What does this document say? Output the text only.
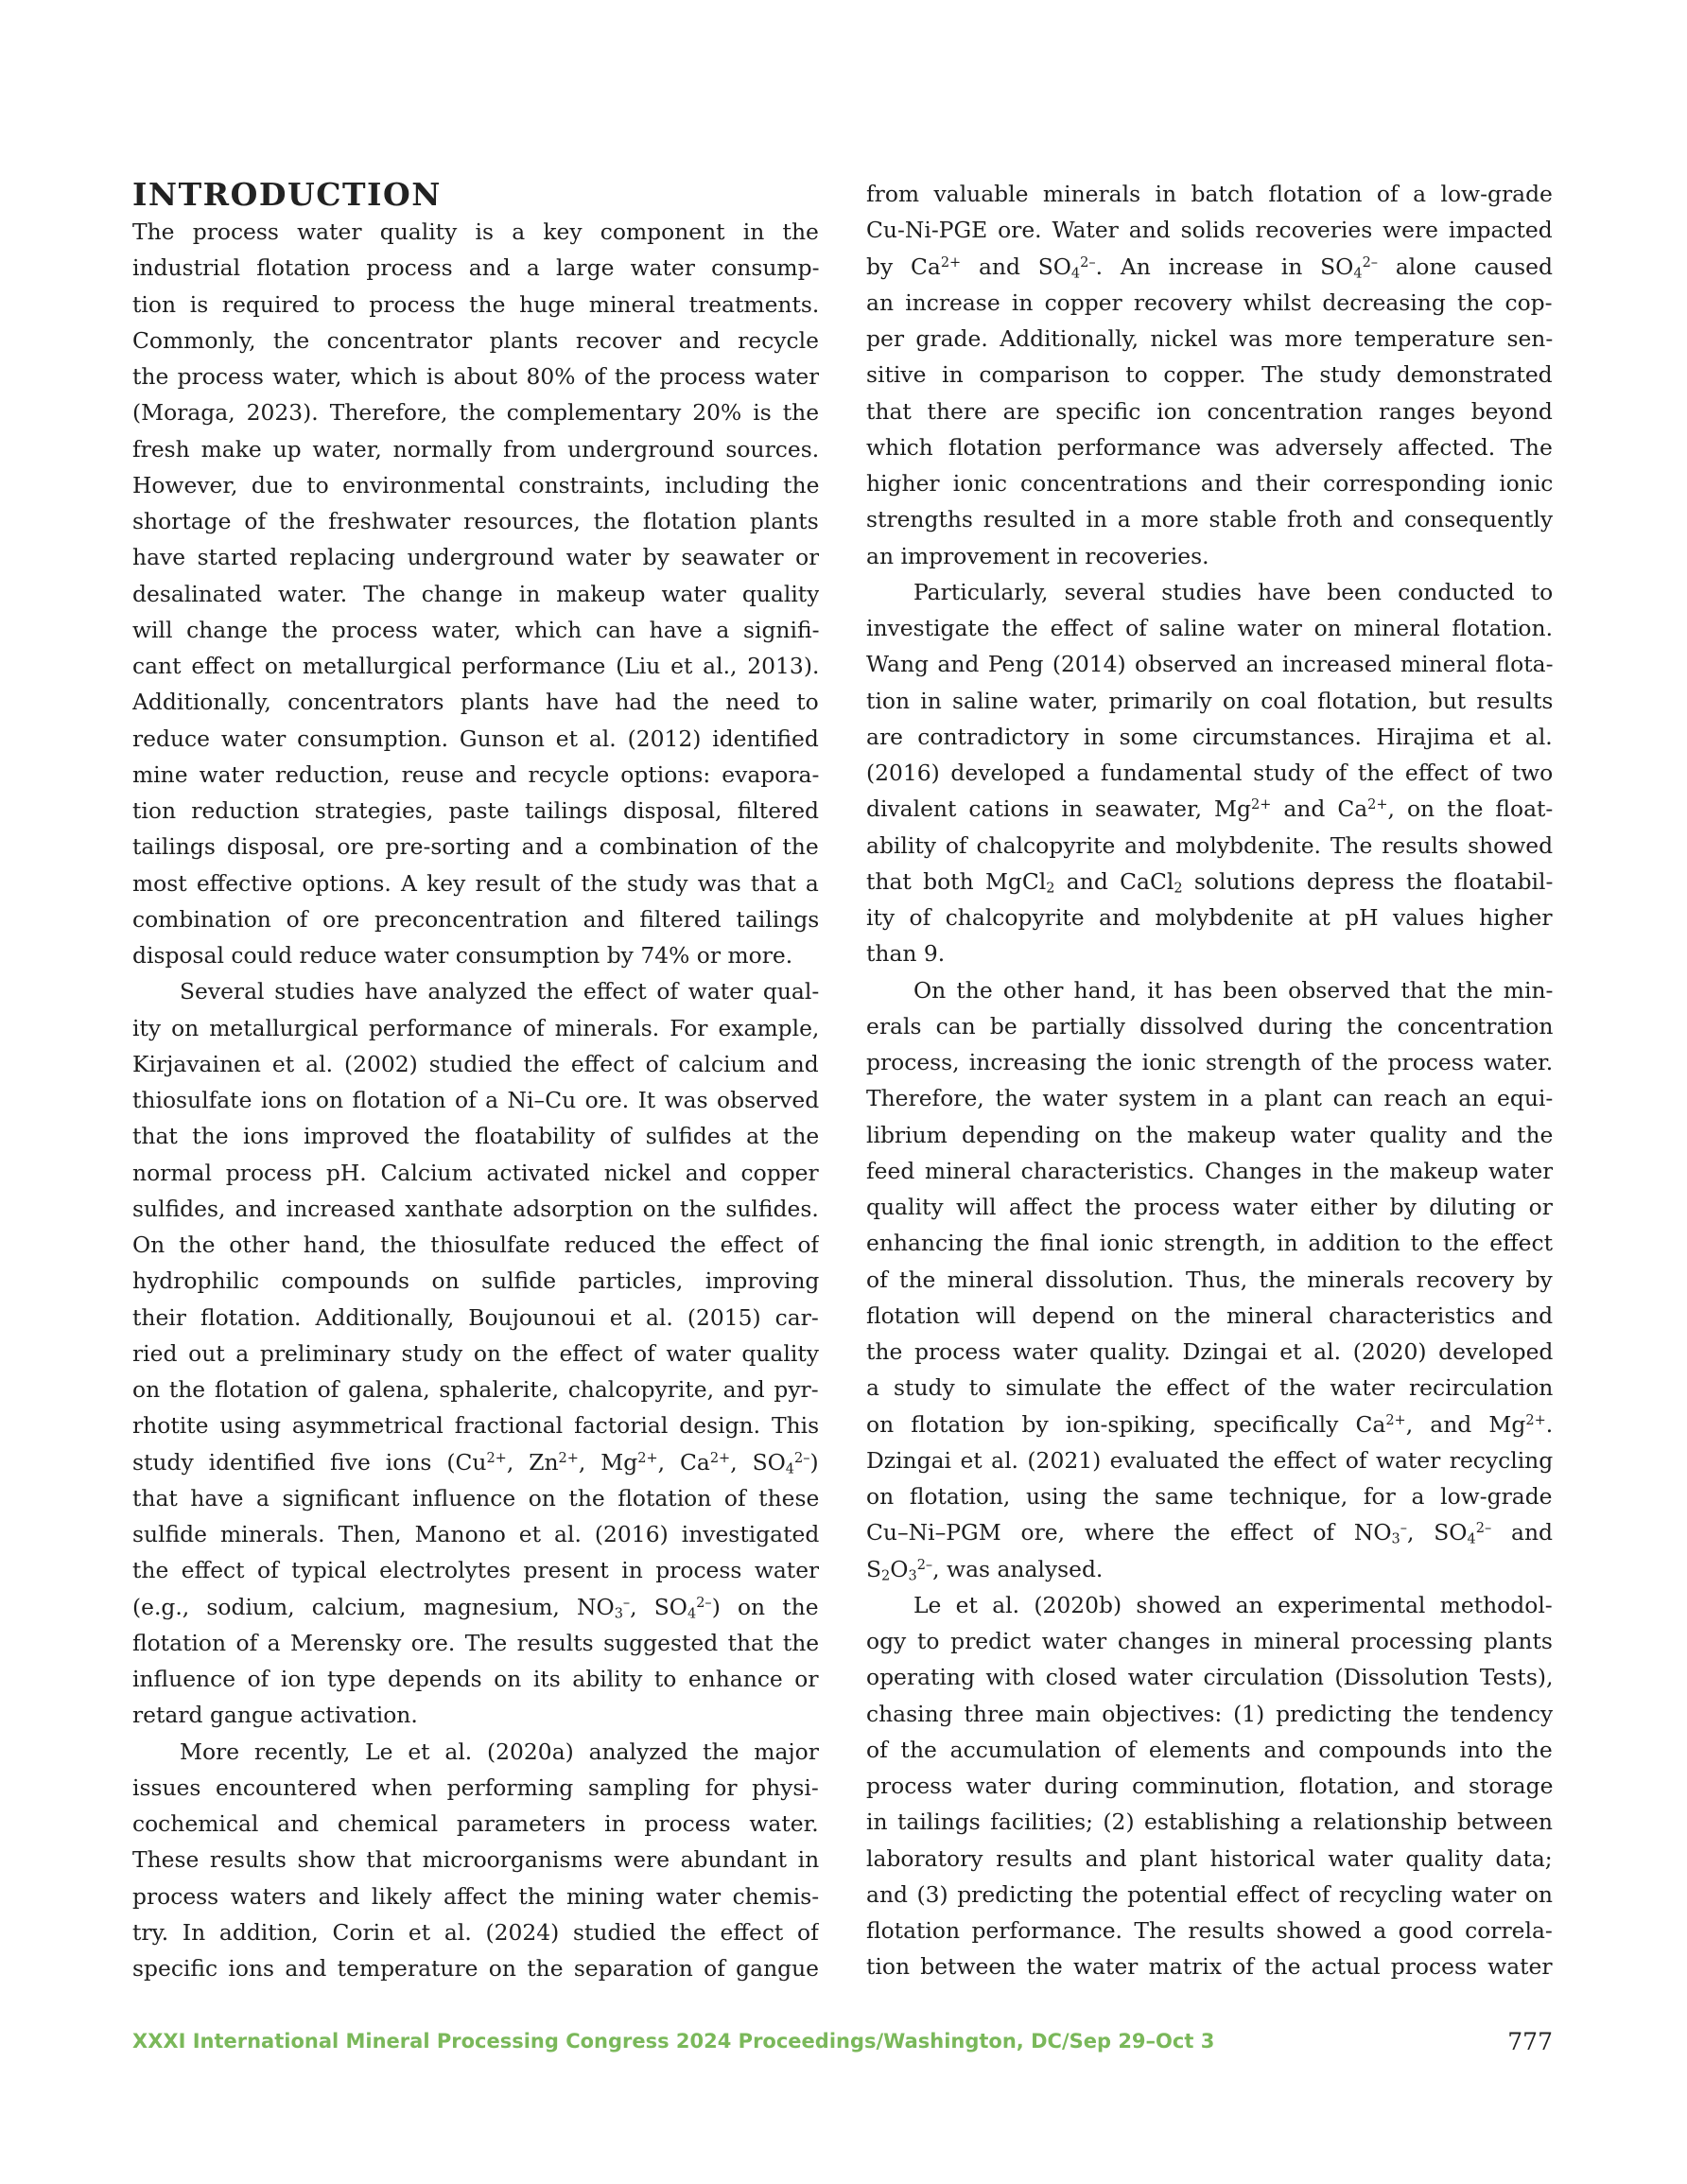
INTRODUCTION
The process water quality is a key component in the
industrial flotation process and a large water consump-
tion is required to process the huge mineral treatments.
Commonly, the concentrator plants recover and recycle
the process water, which is about 80% of the process water
(Moraga, 2023). Therefore, the complementary 20% is the
fresh make up water, normally from underground sources.
However, due to environmental constraints, including the
shortage of the freshwater resources, the flotation plants
have started replacing underground water by seawater or
desalinated water. The change in makeup water quality
will change the process water, which can have a signifi-
cant effect on metallurgical performance (Liu et al., 2013).
Additionally, concentrators plants have had the need to
reduce water consumption. Gunson et al. (2012) identified
mine water reduction, reuse and recycle options: evapora-
tion reduction strategies, paste tailings disposal, filtered
tailings disposal, ore pre-sorting and a combination of the
most effective options. A key result of the study was that a
combination of ore preconcentration and filtered tailings
disposal could reduce water consumption by 74% or more.
Several studies have analyzed the effect of water qual-
ity on metallurgical performance of minerals. For example,
Kirjavainen et al. (2002) studied the effect of calcium and
thiosulfate ions on flotation of a Ni–Cu ore. It was observed
that the ions improved the floatability of sulfides at the
normal process pH. Calcium activated nickel and copper
sulfides, and increased xanthate adsorption on the sulfides.
On the other hand, the thiosulfate reduced the effect of
hydrophilic compounds on sulfide particles, improving
their flotation. Additionally, Boujounoui et al. (2015) car-
ried out a preliminary study on the effect of water quality
on the flotation of galena, sphalerite, chalcopyrite, and pyr-
rhotite using asymmetrical fractional factorial design. This
study identified five ions ($Cu^{2+}$, $Zn^{2+}$, $Mg^{2+}$, $Ca^{2+}$, $SO_4^{2-}$)
that have a significant influence on the flotation of these
sulfide minerals. Then, Manono et al. (2016) investigated
the effect of typical electrolytes present in process water
(e.g., sodium, calcium, magnesium, $NO_3^-$, $SO_4^{2-}$) on the
flotation of a Merensky ore. The results suggested that the
influence of ion type depends on its ability to enhance or
retard gangue activation.
More recently, Le et al. (2020a) analyzed the major
issues encountered when performing sampling for physi-
cochemical and chemical parameters in process water.
These results show that microorganisms were abundant in
process waters and likely affect the mining water chemis-
try. In addition, Corin et al. (2024) studied the effect of
specific ions and temperature on the separation of gangue
from valuable minerals in batch flotation of a low-grade
Cu-Ni-PGE ore. Water and solids recoveries were impacted
by $Ca^{2+}$ and $SO_4^{2-}$. An increase in $SO_4^{2-}$ alone caused
an increase in copper recovery whilst decreasing the cop-
per grade. Additionally, nickel was more temperature sen-
sitive in comparison to copper. The study demonstrated
that there are specific ion concentration ranges beyond
which flotation performance was adversely affected. The
higher ionic concentrations and their corresponding ionic
strengths resulted in a more stable froth and consequently
an improvement in recoveries.
Particularly, several studies have been conducted to
investigate the effect of saline water on mineral flotation.
Wang and Peng (2014) observed an increased mineral flota-
tion in saline water, primarily on coal flotation, but results
are contradictory in some circumstances. Hirajima et al.
(2016) developed a fundamental study of the effect of two
divalent cations in seawater, $Mg^{2+}$ and $Ca^{2+}$, on the float-
ability of chalcopyrite and molybdenite. The results showed
that both MgCl$_2$ and CaCl$_2$ solutions depress the floatabil-
ity of chalcopyrite and molybdenite at pH values higher
than 9.
On the other hand, it has been observed that the min-
erals can be partially dissolved during the concentration
process, increasing the ionic strength of the process water.
Therefore, the water system in a plant can reach an equi-
librium depending on the makeup water quality and the
feed mineral characteristics. Changes in the makeup water
quality will affect the process water either by diluting or
enhancing the final ionic strength, in addition to the effect
of the mineral dissolution. Thus, the minerals recovery by
flotation will depend on the mineral characteristics and
the process water quality. Dzingai et al. (2020) developed
a study to simulate the effect of the water recirculation
on flotation by ion-spiking, specifically $Ca^{2+}$, and $Mg^{2+}$.
Dzingai et al. (2021) evaluated the effect of water recycling
on flotation, using the same technique, for a low-grade
Cu–Ni–PGM ore, where the effect of $NO_3^-$, $SO_4^{2-}$ and
$S_2O_3^{2-}$, was analysed.
Le et al. (2020b) showed an experimental methodol-
ogy to predict water changes in mineral processing plants
operating with closed water circulation (Dissolution Tests),
chasing three main objectives: (1) predicting the tendency
of the accumulation of elements and compounds into the
process water during comminution, flotation, and storage
in tailings facilities; (2) establishing a relationship between
laboratory results and plant historical water quality data;
and (3) predicting the potential effect of recycling water on
flotation performance. The results showed a good correla-
tion between the water matrix of the actual process water
XXXI International Mineral Processing Congress 2024 Proceedings/Washington, DC/Sep 29–Oct 3	777
